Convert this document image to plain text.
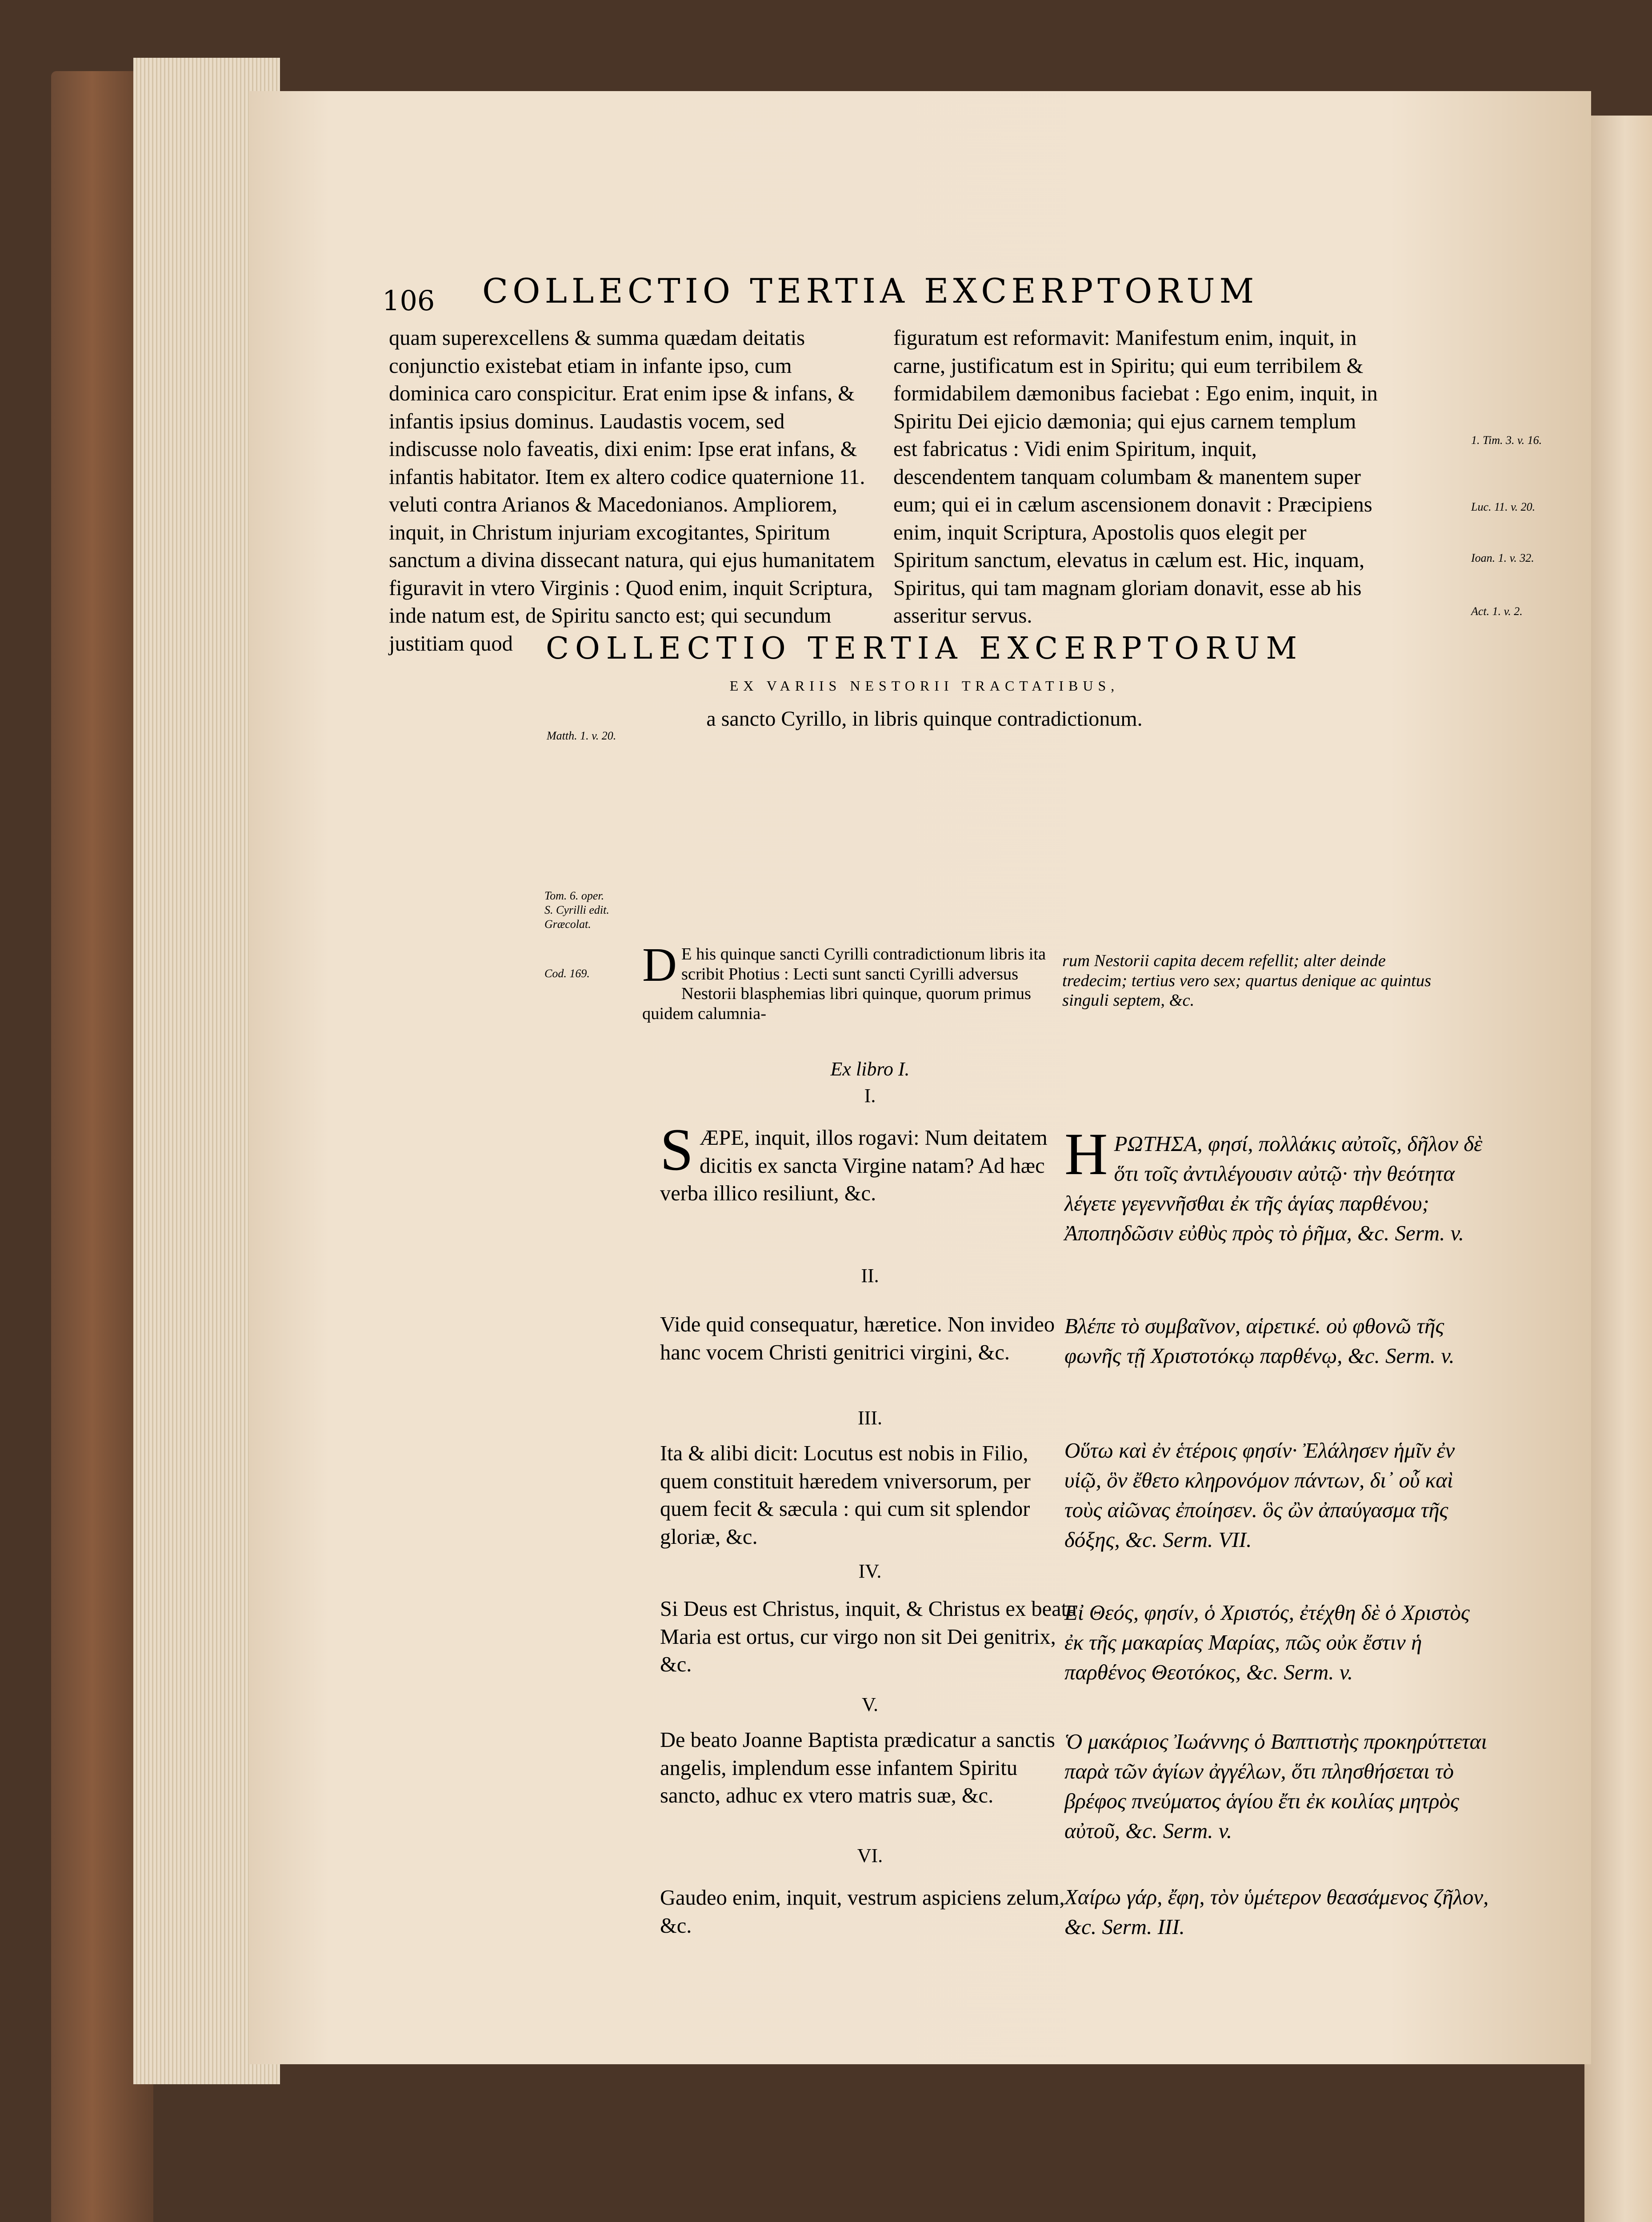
106 COLLECTIO TERTIA EXCERPTORUM
quam superexcellens & summa quædam deitatis conjunctio existebat etiam in infante ipso, cum dominica caro conspicitur. Erat enim ipse & infans, & infantis ipsius dominus. Laudastis vocem, sed indiscusse nolo faveatis, dixi enim: Ipse erat infans, & infantis habitator. Item ex altero codice quaternione 11. veluti contra Arianos & Macedonianos. Ampliorem, inquit, in Christum injuriam excogitantes, Spiritum sanctum a divina dissecant natura, qui ejus humanitatem figuravit in vtero Virginis : Quod enim, inquit Scriptura, inde natum est, de Spiritu sancto est; qui secundum justitiam quod
figuratum est reformavit: Manifestum enim, inquit, in carne, justificatum est in Spiritu; qui eum terribilem & formidabilem dæmonibus faciebat : Ego enim, inquit, in Spiritu Dei ejicio dæmonia; qui ejus carnem templum est fabricatus : Vidi enim Spiritum, inquit, descendentem tanquam columbam & manentem super eum; qui ei in cælum ascensionem donavit : Præcipiens enim, inquit Scriptura, Apostolis quos elegit per Spiritum sanctum, elevatus in cælum est. Hic, inquam, Spiritus, qui tam magnam gloriam donavit, esse ab his asseritur servus.
Matth. 1. v. 20.
1. Tim. 3. v. 16.
Luc. 11. v. 20.
Ioan. 1. v. 32.
Act. 1. v. 2.
Tom. 6. oper. S. Cyrilli edit. Græcolat.
Cod. 169.
COLLECTIO TERTIA EXCERPTORUM
EX VARIIS NESTORII TRACTATIBUS,
a sancto Cyrillo, in libris quinque contradictionum.
D E his quinque sancti Cyrilli contradictionum libris ita scribit Photius : Lecti sunt sancti Cyrilli adversus Nestorii blasphemias libri quinque, quorum primus quidem calumnia-
rum Nestorii capita decem refellit; alter deinde tredecim; tertius vero sex; quartus denique ac quintus singuli septem, &c.
Ex libro I.
I.
S ÆPE, inquit, illos rogavi: Num deitatem dicitis ex sancta Virgine natam? Ad hæc verba illico resiliunt, &c.
H ΡΩΤΗΣΑ, φησί, πολλάκις αὐτοῖς, δῆλον δὲ ὅτι τοῖς ἀντιλέγουσιν αὐτῷ· τὴν θεότητα λέγετε γεγεννῆσθαι ἐκ τῆς ἁγίας παρθένου; Ἀποπηδῶσιν εὐθὺς πρὸς τὸ ῥῆμα, &c. Serm. v.
II.
Vide quid consequatur, hæretice. Non invideo hanc vocem Christi genitrici virgini, &c.
Βλέπε τὸ συμβαῖνον, αἱρετικέ. οὐ φθονῶ τῆς φωνῆς τῇ Χριστοτόκῳ παρθένῳ, &c. Serm. v.
III.
Ita & alibi dicit: Locutus est nobis in Filio, quem constituit hæredem vniversorum, per quem fecit & sæcula : qui cum sit splendor gloriæ, &c.
Οὕτω καὶ ἐν ἑτέροις φησίν· Ἐλάλησεν ἡμῖν ἐν υἱῷ, ὃν ἔθετο κληρονόμον πάντων, δι᾽ οὗ καὶ τοὺς αἰῶνας ἐποίησεν. ὃς ὢν ἀπαύγασμα τῆς δόξης, &c. Serm. VII.
IV.
Si Deus est Christus, inquit, & Christus ex beata Maria est ortus, cur virgo non sit Dei genitrix, &c.
Εἰ Θεός, φησίν, ὁ Χριστός, ἐτέχθη δὲ ὁ Χριστὸς ἐκ τῆς μακαρίας Μαρίας, πῶς οὐκ ἔστιν ἡ παρθένος Θεοτόκος, &c. Serm. v.
V.
De beato Joanne Baptista prædicatur a sanctis angelis, implendum esse infantem Spiritu sancto, adhuc ex vtero matris suæ, &c.
Ὁ μακάριος Ἰωάννης ὁ Βαπτιστὴς προκηρύττεται παρὰ τῶν ἁγίων ἀγγέλων, ὅτι πλησθήσεται τὸ βρέφος πνεύματος ἁγίου ἔτι ἐκ κοιλίας μητρὸς αὐτοῦ, &c. Serm. v.
VI.
Gaudeo enim, inquit, vestrum aspiciens zelum, &c.
Χαίρω γάρ, ἔφη, τὸν ὑμέτερον θεασάμενος ζῆλον, &c. Serm. III.
